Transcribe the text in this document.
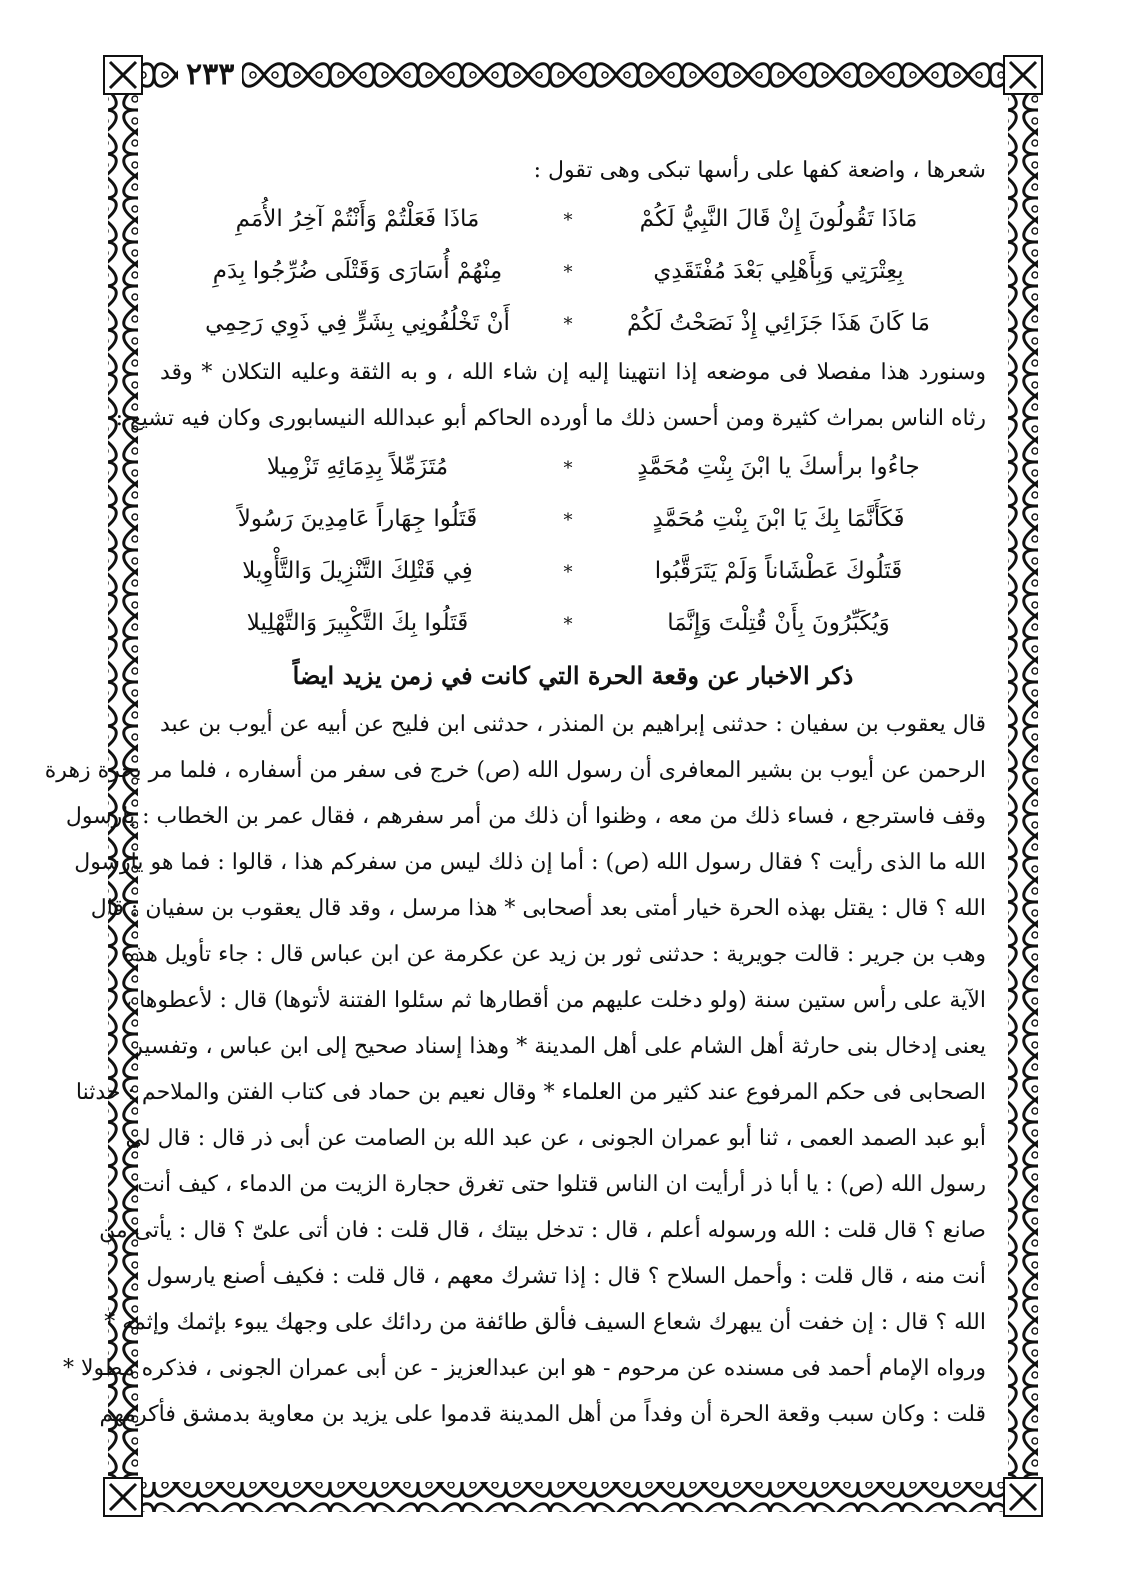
٢٣٣
شعرها ، واضعة كفها على رأسها تبكى وهى تقول :
مَاذَا تَقُولُونَ إِنْ قَالَ النَّبِيُّ لَكُمْ
*
مَاذَا فَعَلْتُمْ وَأَنْتُمْ آخِرُ الأُمَمِ
بِعِتْرَتِي وَبِأَهْلِي بَعْدَ مُفْتَقَدِي
*
مِنْهُمْ أُسَارَى وَقَتْلَى ضُرِّجُوا بِدَمِ
مَا كَانَ هَذَا جَزَائِي إِذْ نَصَحْتُ لَكُمْ
*
أَنْ تَخْلُفُونِي بِشَرٍّ فِي ذَوِي رَحِمِي
وسنورد هذا مفصلا فى موضعه إذا انتهينا إليه إن شاء الله ، و به الثقة وعليه التكلان * وقد
رثاه الناس بمراث كثيرة ومن أحسن ذلك ما أورده الحاكم أبو عبدالله النيسابورى وكان فيه تشيع :
جاءُوا برأسكَ يا ابْنَ بِنْتِ مُحَمَّدٍ
*
مُتَزَمِّلاً بِدِمَائِهِ تَزْمِيلا
فَكَأَنَّمَا بِكَ يَا ابْنَ بِنْتِ مُحَمَّدٍ
*
قَتَلُوا جِهَاراً عَامِدِينَ رَسُولاً
قَتَلُوكَ عَطْشَاناً وَلَمْ يَتَرَقَّبُوا
*
فِي قَتْلِكَ التَّنْزِيلَ وَالتَّأْوِيلا
وَيُكَبِّرُونَ بِأَنْ قُتِلْتَ وَإِنَّمَا
*
قَتَلُوا بِكَ التَّكْبِيرَ وَالتَّهْلِيلا
ذكر الاخبار عن وقعة الحرة التي كانت في زمن يزيد ايضاً
قال يعقوب بن سفيان : حدثنى إبراهيم بن المنذر ، حدثنى ابن فليح عن أبيه عن أيوب بن عبد
الرحمن عن أيوب بن بشير المعافرى أن رسول الله (ص) خرج فى سفر من أسفاره ، فلما مر بحرة زهرة
وقف فاسترجع ، فساء ذلك من معه ، وظنوا أن ذلك من أمر سفرهم ، فقال عمر بن الخطاب : يارسول
الله ما الذى رأيت ؟ فقال رسول الله (ص) : أما إن ذلك ليس من سفركم هذا ، قالوا : فما هو يارسول
الله ؟ قال : يقتل بهذه الحرة خيار أمتى بعد أصحابى * هذا مرسل ، وقد قال يعقوب بن سفيان : قال
وهب بن جرير : قالت جويرية : حدثنى ثور بن زيد عن عكرمة عن ابن عباس قال : جاء تأويل هذه
الآية على رأس ستين سنة (ولو دخلت عليهم من أقطارها ثم سئلوا الفتنة لأتوها) قال : لأعطوها ،
يعنى إدخال بنى حارثة أهل الشام على أهل المدينة * وهذا إسناد صحيح إلى ابن عباس ، وتفسير
الصحابى فى حكم المرفوع عند كثير من العلماء * وقال نعيم بن حماد فى كتاب الفتن والملاحم : حدثنا
أبو عبد الصمد العمى ، ثنا أبو عمران الجونى ، عن عبد الله بن الصامت عن أبى ذر قال : قال لى
رسول الله (ص) : يا أبا ذر أرأيت ان الناس قتلوا حتى تغرق حجارة الزيت من الدماء ، كيف أنت
صانع ؟ قال قلت : الله ورسوله أعلم ، قال : تدخل بيتك ، قال قلت : فان أتى علىّ ؟ قال : يأتى من
أنت منه ، قال قلت : وأحمل السلاح ؟ قال : إذا تشرك معهم ، قال قلت : فكيف أصنع يارسول
الله ؟ قال : إن خفت أن يبهرك شعاع السيف فألق طائفة من ردائك على وجهك يبوء بإثمك وإثمه *
ورواه الإمام أحمد فى مسنده عن مرحوم - هو ابن عبدالعزيز - عن أبى عمران الجونى ، فذكره مطولا *
قلت : وكان سبب وقعة الحرة أن وفداً من أهل المدينة قدموا على يزيد بن معاوية بدمشق فأكرمهم
